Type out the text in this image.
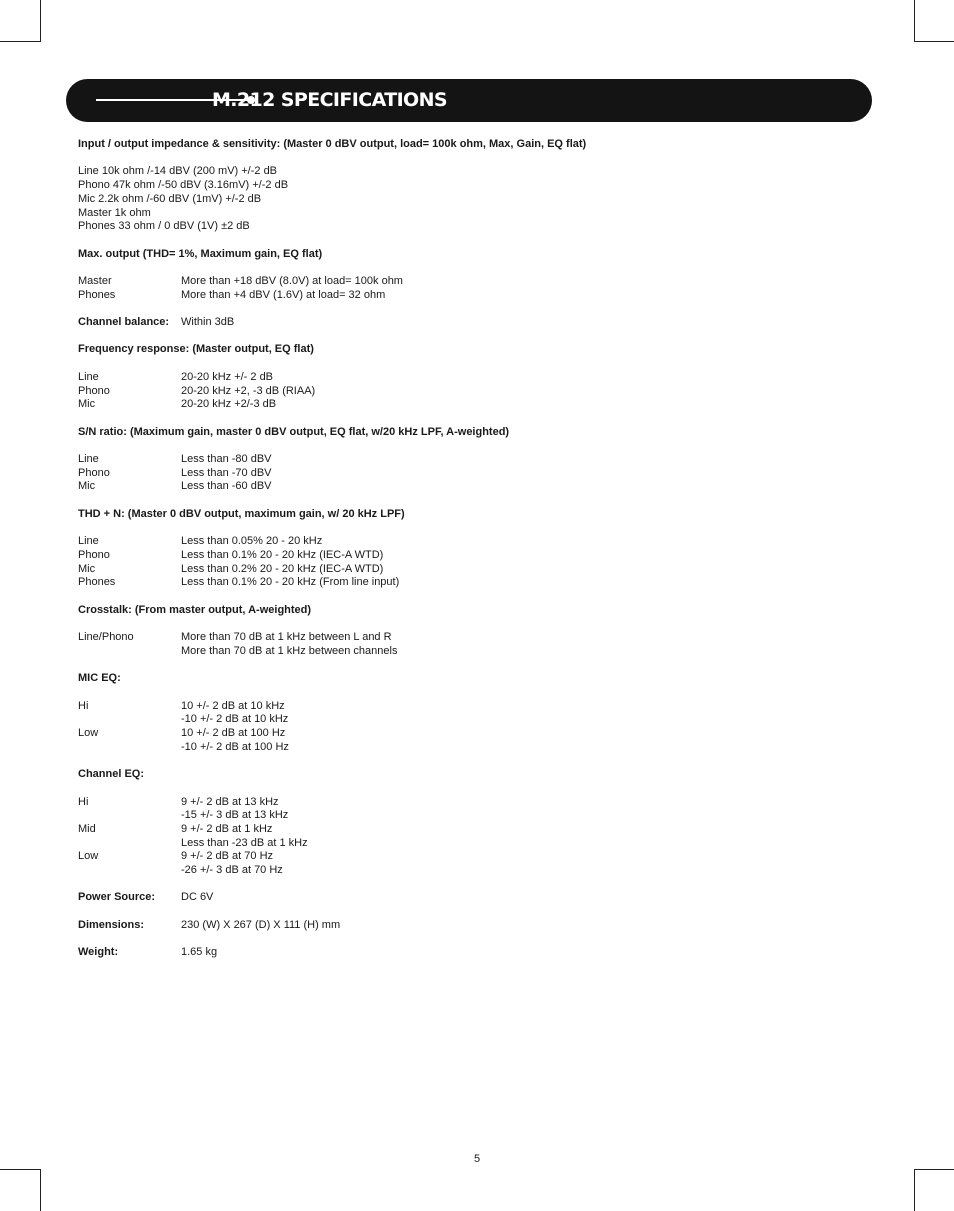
M.212 SPECIFICATIONS

Input / output impedance & sensitivity: (Master 0 dBV output, load= 100k ohm, Max, Gain, EQ flat)

Line 10k ohm /-14 dBV (200 mV) +/-2 dB
Phono 47k ohm /-50 dBV (3.16mV) +/-2 dB
Mic 2.2k ohm /-60 dBV (1mV) +/-2 dB
Master 1k ohm
Phones 33 ohm / 0 dBV (1V) ±2 dB

Max. output (THD= 1%, Maximum gain, EQ flat)

Master	More than +18 dBV (8.0V) at load= 100k ohm
Phones	More than +4 dBV (1.6V) at load= 32 ohm
Channel balance:	Within 3dB

Frequency response: (Master output, EQ flat)

Line	20-20 kHz +/- 2 dB
Phono	20-20 kHz +2, -3 dB (RIAA)
Mic	20-20 kHz +2/-3 dB

S/N ratio: (Maximum gain, master 0 dBV output, EQ flat, w/20 kHz LPF, A-weighted)

Line	Less than -80 dBV
Phono	Less than -70 dBV
Mic	Less than -60 dBV

THD + N: (Master 0 dBV output, maximum gain, w/ 20 kHz LPF)

Line	Less than 0.05% 20 - 20 kHz
Phono	Less than 0.1% 20 - 20 kHz (IEC-A WTD)
Mic	Less than 0.2% 20 - 20 kHz (IEC-A WTD)
Phones	Less than 0.1% 20 - 20 kHz (From line input)

Crosstalk: (From master output, A-weighted)

Line/Phono	More than 70 dB at 1 kHz between L and R
More than 70 dB at 1 kHz between channels

MIC EQ:

Hi	10 +/- 2 dB at 10 kHz
-10 +/- 2 dB at 10 kHz
Low	10 +/- 2 dB at 100 Hz
-10 +/- 2 dB at 100 Hz

Channel EQ:

Hi	9 +/- 2 dB at 13 kHz
-15 +/- 3 dB at 13 kHz
Mid	9 +/- 2 dB at 1 kHz
Less than -23 dB at 1 kHz
Low	9 +/- 2 dB at 70 Hz
-26 +/- 3 dB at 70 Hz
Power Source:	DC 6V
Dimensions:	230 (W) X 267 (D) X 111 (H) mm
Weight:	1.65 kg
5
